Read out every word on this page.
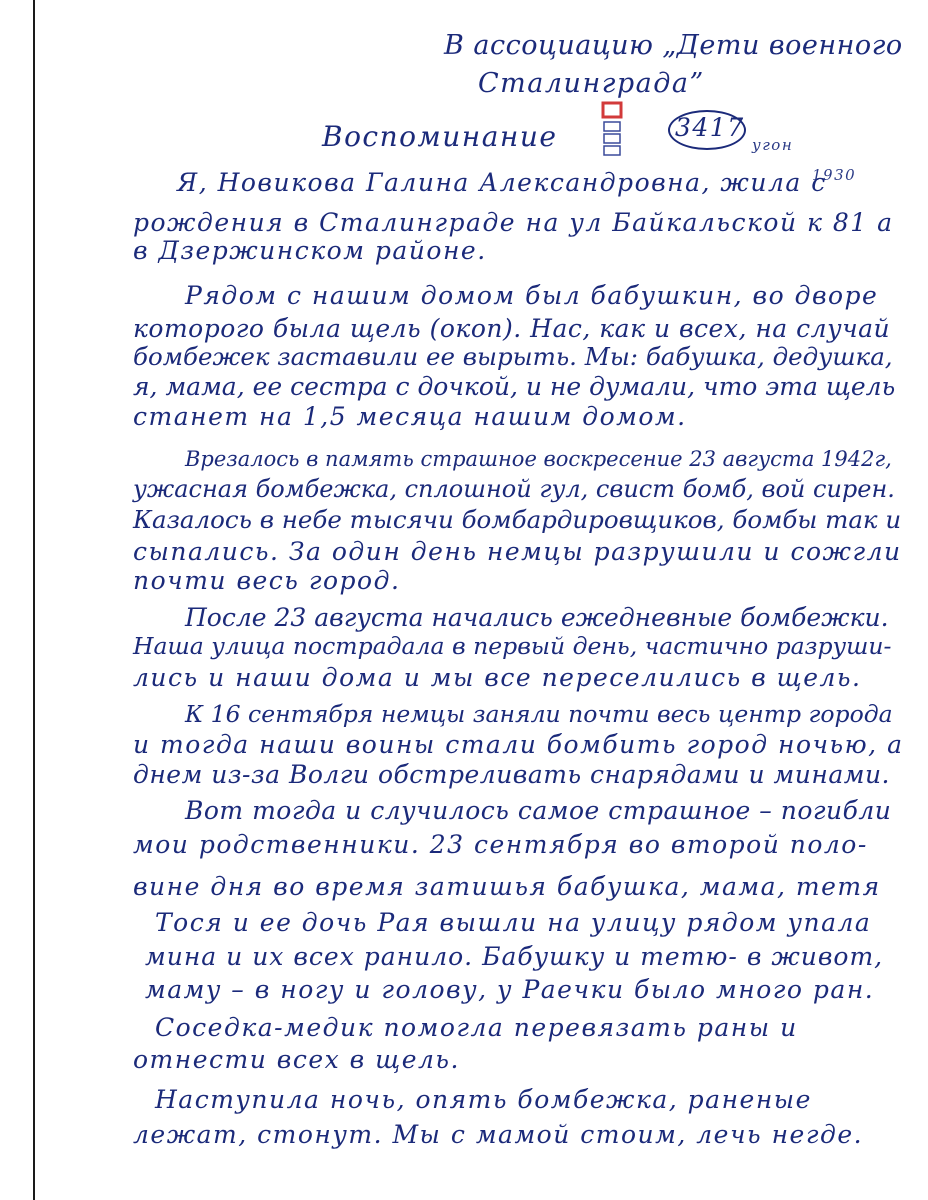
В ассоциацию „Дети военного
Сталинграда”
3417
угон
1930
Воспоминание
Я, Новикова Галина Александровна, жила с
рождения в Сталинграде на ул Байкальской к 81 а
в Дзержинском районе.
Рядом с нашим домом был бабушкин, во дворе
которого была щель (окоп). Нас, как и всех, на случай
бомбежек заставили ее вырыть. Мы: бабушка, дедушка,
я, мама, ее сестра с дочкой, и не думали, что эта щель
станет на 1,5 месяца нашим домом.
Врезалось в память страшное воскресение 23 августа 1942г,
ужасная бомбежка, сплошной гул, свист бомб, вой сирен.
Казалось в небе тысячи бомбардировщиков, бомбы так и
сыпались. За один день немцы разрушили и сожгли
почти весь город.
После 23 августа начались ежедневные бомбежки.
Наша улица пострадала в первый день, частично разруши-
лись и наши дома и мы все переселились в щель.
К 16 сентября немцы заняли почти весь центр города
и тогда наши воины стали бомбить город ночью, а
днем из-за Волги обстреливать снарядами и минами.
Вот тогда и случилось самое страшное – погибли
мои родственники. 23 сентября во второй поло-
вине дня во время затишья бабушка, мама, тетя
Тося и ее дочь Рая вышли на улицу рядом упала
мина и их всех ранило. Бабушку и тетю- в живот,
маму – в ногу и голову, у Раечки было много ран.
Соседка-медик помогла перевязать раны и
отнести всех в щель.
Наступила ночь, опять бомбежка, раненые
лежат, стонут. Мы с мамой стоим, лечь негде.
